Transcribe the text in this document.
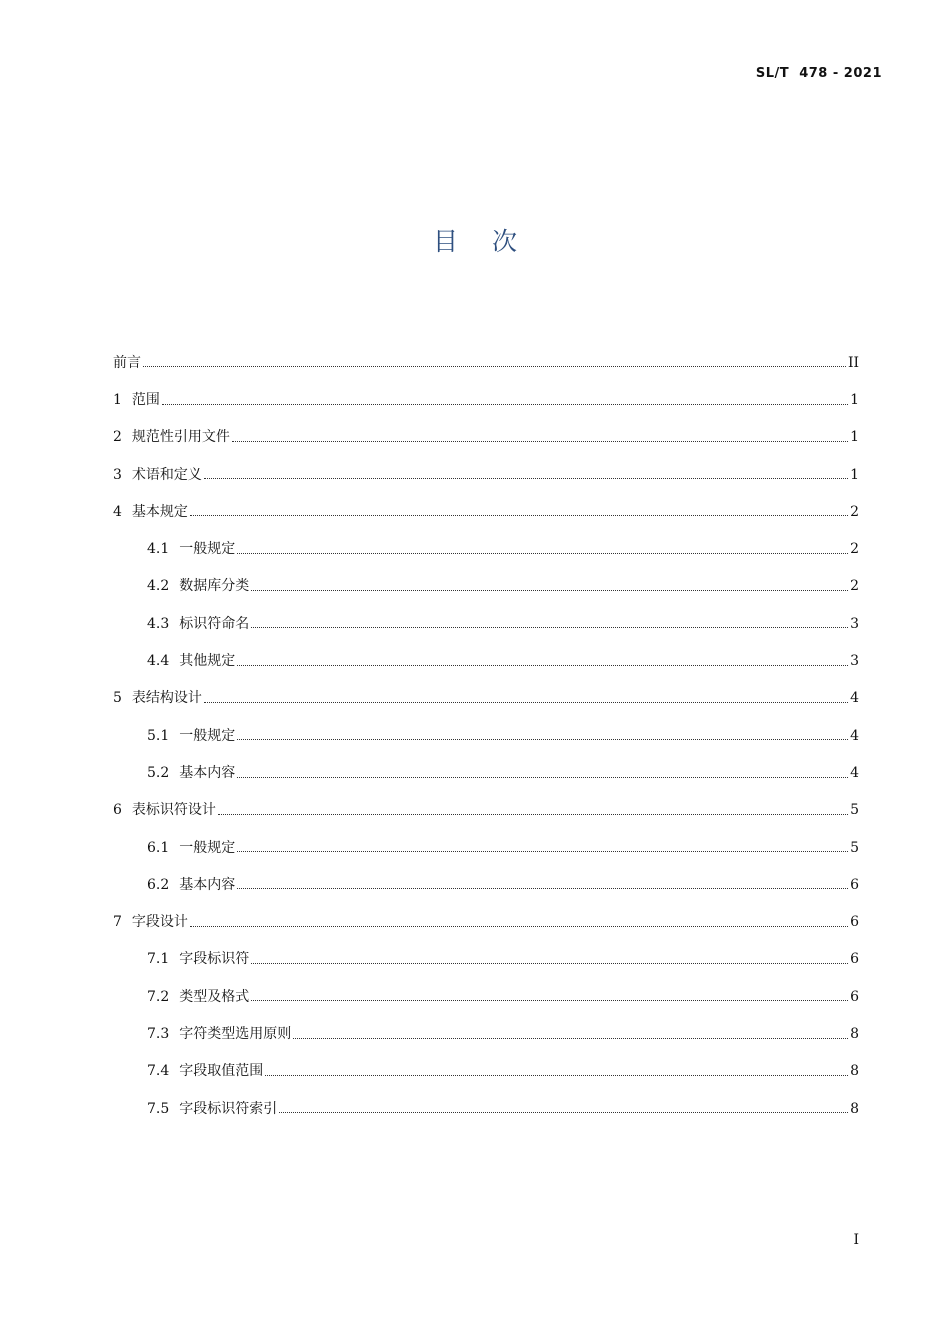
SL/T  478 - 2021
目次
前言	II
1 范围	1
2 规范性引用文件	1
3 术语和定义	1
4 基本规定	2
4.1 一般规定	2
4.2 数据库分类	2
4.3 标识符命名	3
4.4 其他规定	3
5 表结构设计	4
5.1 一般规定	4
5.2 基本内容	4
6 表标识符设计	5
6.1 一般规定	5
6.2 基本内容	6
7 字段设计	6
7.1 字段标识符	6
7.2 类型及格式	6
7.3 字符类型选用原则	8
7.4 字段取值范围	8
7.5 字段标识符索引	8
I
